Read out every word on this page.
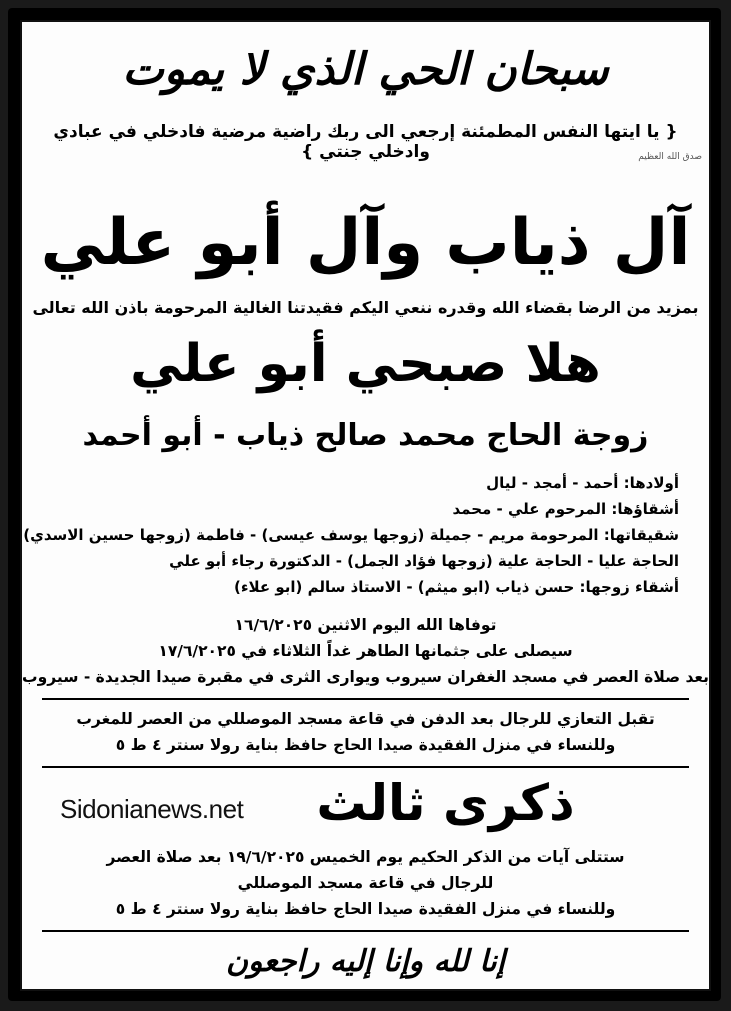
سبحان الحي الذي لا يموت
{ يا ايتها النفس المطمئنة إرجعي الى ربك راضية مرضية فادخلي في عبادي وادخلي جنتي }	صدق الله العظيم
آل ذياب وآل أبو علي
بمزيد من الرضا بقضاء الله وقدره ننعي اليكم فقيدتنا الغالية المرحومة باذن الله تعالى
هلا صبحي أبو علي
زوجة الحاج محمد صالح ذياب - أبو أحمد
أولادها: أحمد - أمجد - ليال
أشقاؤها: المرحوم علي - محمد
شقيقاتها: المرحومة مريم - جميلة (زوجها يوسف عيسى) - فاطمة (زوجها حسين الاسدي)
الحاجة عليا - الحاجة علية (زوجها فؤاد الجمل) - الدكتورة رجاء أبو علي
أشقاء زوجها: حسن ذياب (ابو ميثم) - الاستاذ سالم (ابو علاء)
توفاها الله اليوم الاثنين ١٦/٦/٢٠٢٥
سيصلى على جثمانها الطاهر غداً الثلاثاء في ١٧/٦/٢٠٢٥
بعد صلاة العصر في مسجد الغفران سيروب ويوارى الثرى في مقبرة صيدا الجديدة - سيروب
تقبل التعازي للرجال بعد الدفن في قاعة مسجد الموصللي من العصر للمغرب
وللنساء في منزل الفقيدة صيدا الحاج حافظ بناية رولا سنتر ٤ ط ٥
Sidonianews.net	ذكرى ثالث
ستتلى آيات من الذكر الحكيم يوم الخميس ١٩/٦/٢٠٢٥ بعد صلاة العصر
للرجال في قاعة مسجد الموصللي
وللنساء في منزل الفقيدة صيدا الحاج حافظ بناية رولا سنتر ٤ ط ٥
إنا لله وإنا إليه راجعون
